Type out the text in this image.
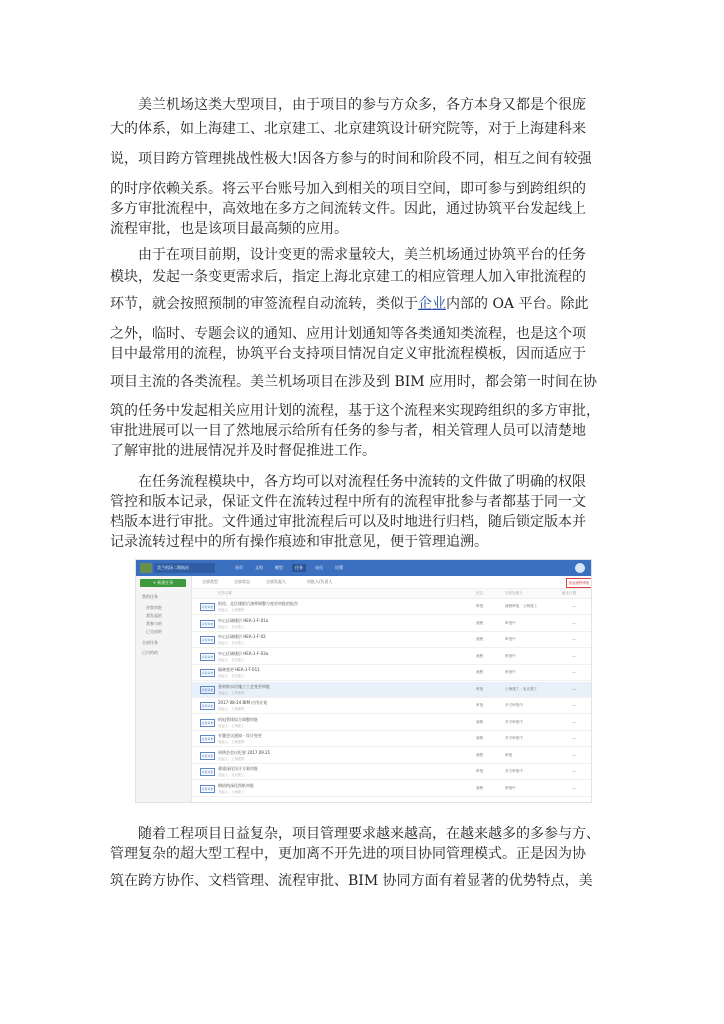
美兰机场这类大型项目，由于项目的参与方众多，各方本身又都是个很庞
大的体系，如上海建工、北京建工、北京建筑设计研究院等，对于上海建科来
说，项目跨方管理挑战性极大!因各方参与的时间和阶段不同，相互之间有较强
的时序依赖关系。将云平台账号加入到相关的项目空间，即可参与到跨组织的
多方审批流程中，高效地在多方之间流转文件。因此，通过协筑平台发起线上
流程审批，也是该项目最高频的应用。
由于在项目前期，设计变更的需求量较大，美兰机场通过协筑平台的任务
模块，发起一条变更需求后，指定上海北京建工的相应管理人加入审批流程的
环节，就会按照预制的审签流程自动流转，类似于企业内部的 OA 平台。除此
之外，临时、专题会议的通知、应用计划通知等各类通知类流程，也是这个项
目中最常用的流程，协筑平台支持项目情况自定义审批流程模板，因而适应于
项目主流的各类流程。美兰机场项目在涉及到 BIM 应用时，都会第一时间在协
筑的任务中发起相关应用计划的流程，基于这个流程来实现跨组织的多方审批，
审批进展可以一目了然地展示给所有任务的参与者，相关管理人员可以清楚地
了解审批的进展情况并及时督促推进工作。
在任务流程模块中，各方均可以对流程任务中流转的文件做了明确的权限
管控和版本记录，保证文件在流转过程中所有的流程审批参与者都基于同一文
档版本进行审批。文件通过审批流程后可以及时地进行归档，随后锁定版本并
记录流转过程中的所有操作痕迹和审批意见，便于管理追溯。
美兰机场二期航站	首页	文档	模型	任务	成员	设置
+ 新建任务
我的任务
待我审批
我发起的
我参与的
已完成的
全部任务
已归档的
全部类型	全部状态	全部发起人	审批人/负责人	发起流程审批
任务名称	状态	当前处理人	截止日期
流程审批
机房，北区楼板后浇带调整与变更审批的报告
发起人：上海建科
审批	流程审批 · 上海建工	—
流程审批
中心区域楼层 HEA-1-F-01a
发起人：北京建工
流程	审批中	—
流程审批
中心区域楼层 HEA-1-F-02
发起人：北京建工
流程	审批中	—
流程审批
中心区域楼层 HEA-1-F-03a
发起人：北京建工
流程	审批中	—
流程审批
隔离变更 HEA-1-T-011
发起人：北京建工
流程	审批中	—
流程审批
卷材防水层施工工艺变更审批
发起人：上海建科
审批	上海建工 · 北京建工	—
流程审批
2017-08-24 BIM 应用计划
发起人：上海建科
审批	多方审批中	—
流程审批
机电管线综合调整审批
发起人：上海建工
流程	多方审批中	—
流程审批
专题会议通知 · 设计变更
发起人：上海建科
流程	多方审批中	—
流程审批
周例会会议纪要 2017.09.21
发起人：上海建科
流程	审批	—
流程审批
幕墙深化设计方案审批
发起人：北京建工
审批	多方审批中	—
流程审批
钢结构深化图纸审批
发起人：上海建工
流程	审批中	—
随着工程项目日益复杂，项目管理要求越来越高，在越来越多的多参与方、
管理复杂的超大型工程中，更加离不开先进的项目协同管理模式。正是因为协
筑在跨方协作、文档管理、流程审批、BIM 协同方面有着显著的优势特点，美
